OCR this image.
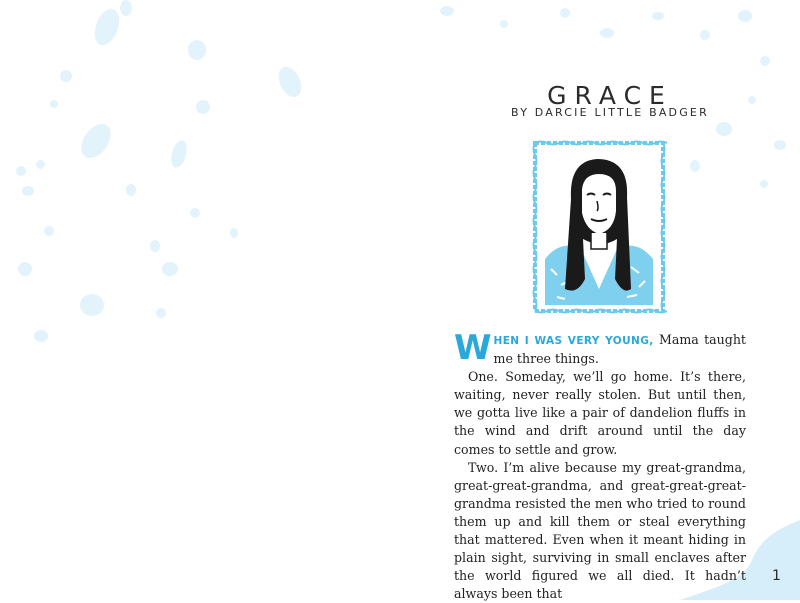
GRACE
BY DARCIE LITTLE BADGER

W HEN I WAS VERY YOUNG, Mama taught me three things.

One. Someday, we’ll go home. It’s there, waiting, never really stolen. But until then, we gotta live like a pair of dandelion fluffs in the wind and drift around until the day comes to settle and grow.

Two. I’m alive because my great-grandma, great-great-grandma, and great-great-great-grandma resisted the men who tried to round them up and kill them or steal everything that mattered. Even when it meant hiding in plain sight, surviving in small enclaves after the world figured we all died. It hadn’t always been that

1
